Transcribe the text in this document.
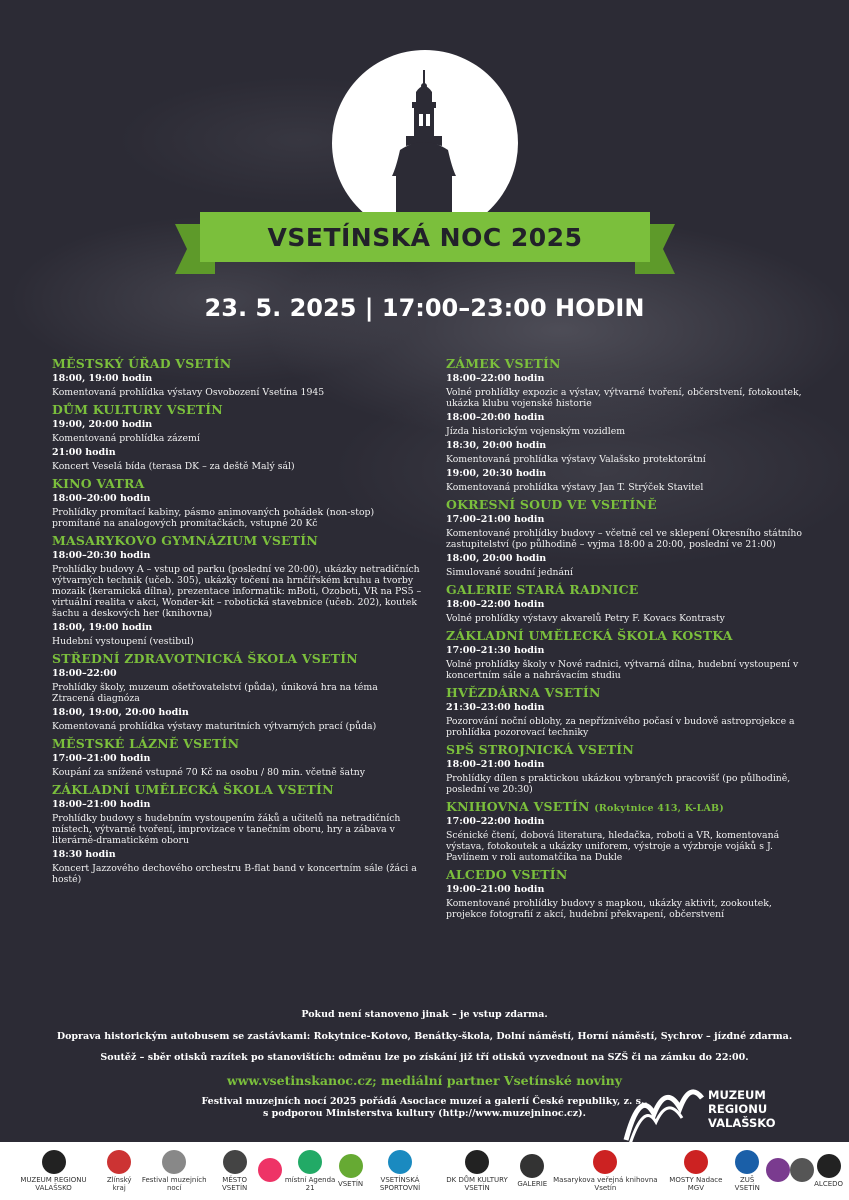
VSETÍNSKÁ NOC 2025
23. 5. 2025 | 17:00–23:00 HODIN
MĚSTSKÝ ÚŘAD VSETÍN
18:00, 19:00 hodin
Komentovaná prohlídka výstavy Osvobození Vsetína 1945
DŮM KULTURY VSETÍN
19:00, 20:00 hodin
Komentovaná prohlídka zázemí
21:00 hodin
Koncert Veselá bída (terasa DK – za deště Malý sál)
KINO VATRA
18:00–20:00 hodin
Prohlídky promítací kabiny, pásmo animovaných pohádek (non-stop) promítané na analogových promítačkách, vstupné 20 Kč
MASARYKOVO GYMNÁZIUM VSETÍN
18:00–20:30 hodin
Prohlídky budovy A – vstup od parku (poslední ve 20:00), ukázky netradičních výtvarných technik (učeb. 305), ukázky točení na hrnčířském kruhu a tvorby mozaik (keramická dílna), prezentace informatik: mBoti, Ozoboti, VR na PS5 – virtuální realita v akci, Wonder-kit – robotická stavebnice (učeb. 202), koutek šachu a deskových her (knihovna)
18:00, 19:00 hodin
Hudební vystoupení (vestibul)
STŘEDNÍ ZDRAVOTNICKÁ ŠKOLA VSETÍN
18:00–22:00
Prohlídky školy, muzeum ošetřovatelství (půda), úniková hra na téma Ztracená diagnóza
18:00, 19:00, 20:00 hodin
Komentovaná prohlídka výstavy maturitních výtvarných prací (půda)
MĚSTSKÉ LÁZNĚ VSETÍN
17:00–21:00 hodin
Koupání za snížené vstupné 70 Kč na osobu / 80 min. včetně šatny
ZÁKLADNÍ UMĚLECKÁ ŠKOLA VSETÍN
18:00–21:00 hodin
Prohlídky budovy s hudebním vystoupením žáků a učitelů na netradičních místech, výtvarné tvoření, improvizace v tanečním oboru, hry a zábava v literárně-dramatickém oboru
18:30 hodin
Koncert Jazzového dechového orchestru B-flat band v koncertním sále (žáci a hosté)
ZÁMEK VSETÍN
18:00–22:00 hodin
Volné prohlídky expozic a výstav, výtvarné tvoření, občerstvení, fotokoutek, ukázka klubu vojenské historie
18:00–20:00 hodin
Jízda historickým vojenským vozidlem
18:30, 20:00 hodin
Komentovaná prohlídka výstavy Valašsko protektorátní
19:00, 20:30 hodin
Komentovaná prohlídka výstavy Jan T. Strýček Stavitel
OKRESNÍ SOUD VE VSETÍNĚ
17:00–21:00 hodin
Komentované prohlídky budovy – včetně cel ve sklepení Okresního státního zastupitelství (po půlhodině – vyjma 18:00 a 20:00, poslední ve 21:00)
18:00, 20:00 hodin
Simulované soudní jednání
GALERIE STARÁ RADNICE
18:00–22:00 hodin
Volné prohlídky výstavy akvarelů Petry F. Kovacs Kontrasty
ZÁKLADNÍ UMĚLECKÁ ŠKOLA KOSTKA
17:00–21:30 hodin
Volné prohlídky školy v Nové radnici, výtvarná dílna, hudební vystoupení v koncertním sále a nahrávacím studiu
HVĚZDÁRNA VSETÍN
21:30–23:00 hodin
Pozorování noční oblohy, za nepříznivého počasí v budově astroprojekce a prohlídka pozorovací techniky
SPŠ STROJNICKÁ VSETÍN
18:00–21:00 hodin
Prohlídky dílen s praktickou ukázkou vybraných pracovišť (po půlhodině, poslední ve 20:30)
KNIHOVNA VSETÍN (Rokytnice 413, K-LAB)
17:00–22:00 hodin
Scénické čtení, dobová literatura, hledačka, roboti a VR, komentovaná výstava, fotokoutek a ukázky uniforem, výstroje a výzbroje vojáků s J. Pavlínem v roli automatčíka na Dukle
ALCEDO VSETÍN
19:00–21:00 hodin
Komentované prohlídky budovy s mapkou, ukázky aktivit, zookoutek, projekce fotografií z akcí, hudební překvapení, občerstvení
Pokud není stanoveno jinak – je vstup zdarma.
Doprava historickým autobusem se zastávkami: Rokytnice-Kotovo, Benátky-škola, Dolní náměstí, Horní náměstí, Sychrov – jízdné zdarma.
Soutěž – sběr otisků razítek po stanovištích: odměnu lze po získání již tří otisků vyzvednout na SZŠ či na zámku do 22:00.
www.vsetinskanoc.cz; mediální partner Vsetínské noviny
Festival muzejních nocí 2025 pořádá Asociace muzeí a galerií České republiky, z. s.,
s podporou Ministerstva kultury (http://www.muzejninoc.cz).
MUZEUM
REGIONU
VALAŠSKO
MUZEUM REGIONU VALAŠSKO
Zlínský kraj
Festival muzejních nocí
MĚSTO VSETÍN
místní Agenda 21	VSETÍN	VSETÍNSKÁ SPORTOVNÍ
DK DŮM KULTURY VSETÍN	GALERIE Masarykova veřejná knihovna Vsetín
MOSTY Nadace MGV
ZUŠ VSETÍN	ALCEDO
